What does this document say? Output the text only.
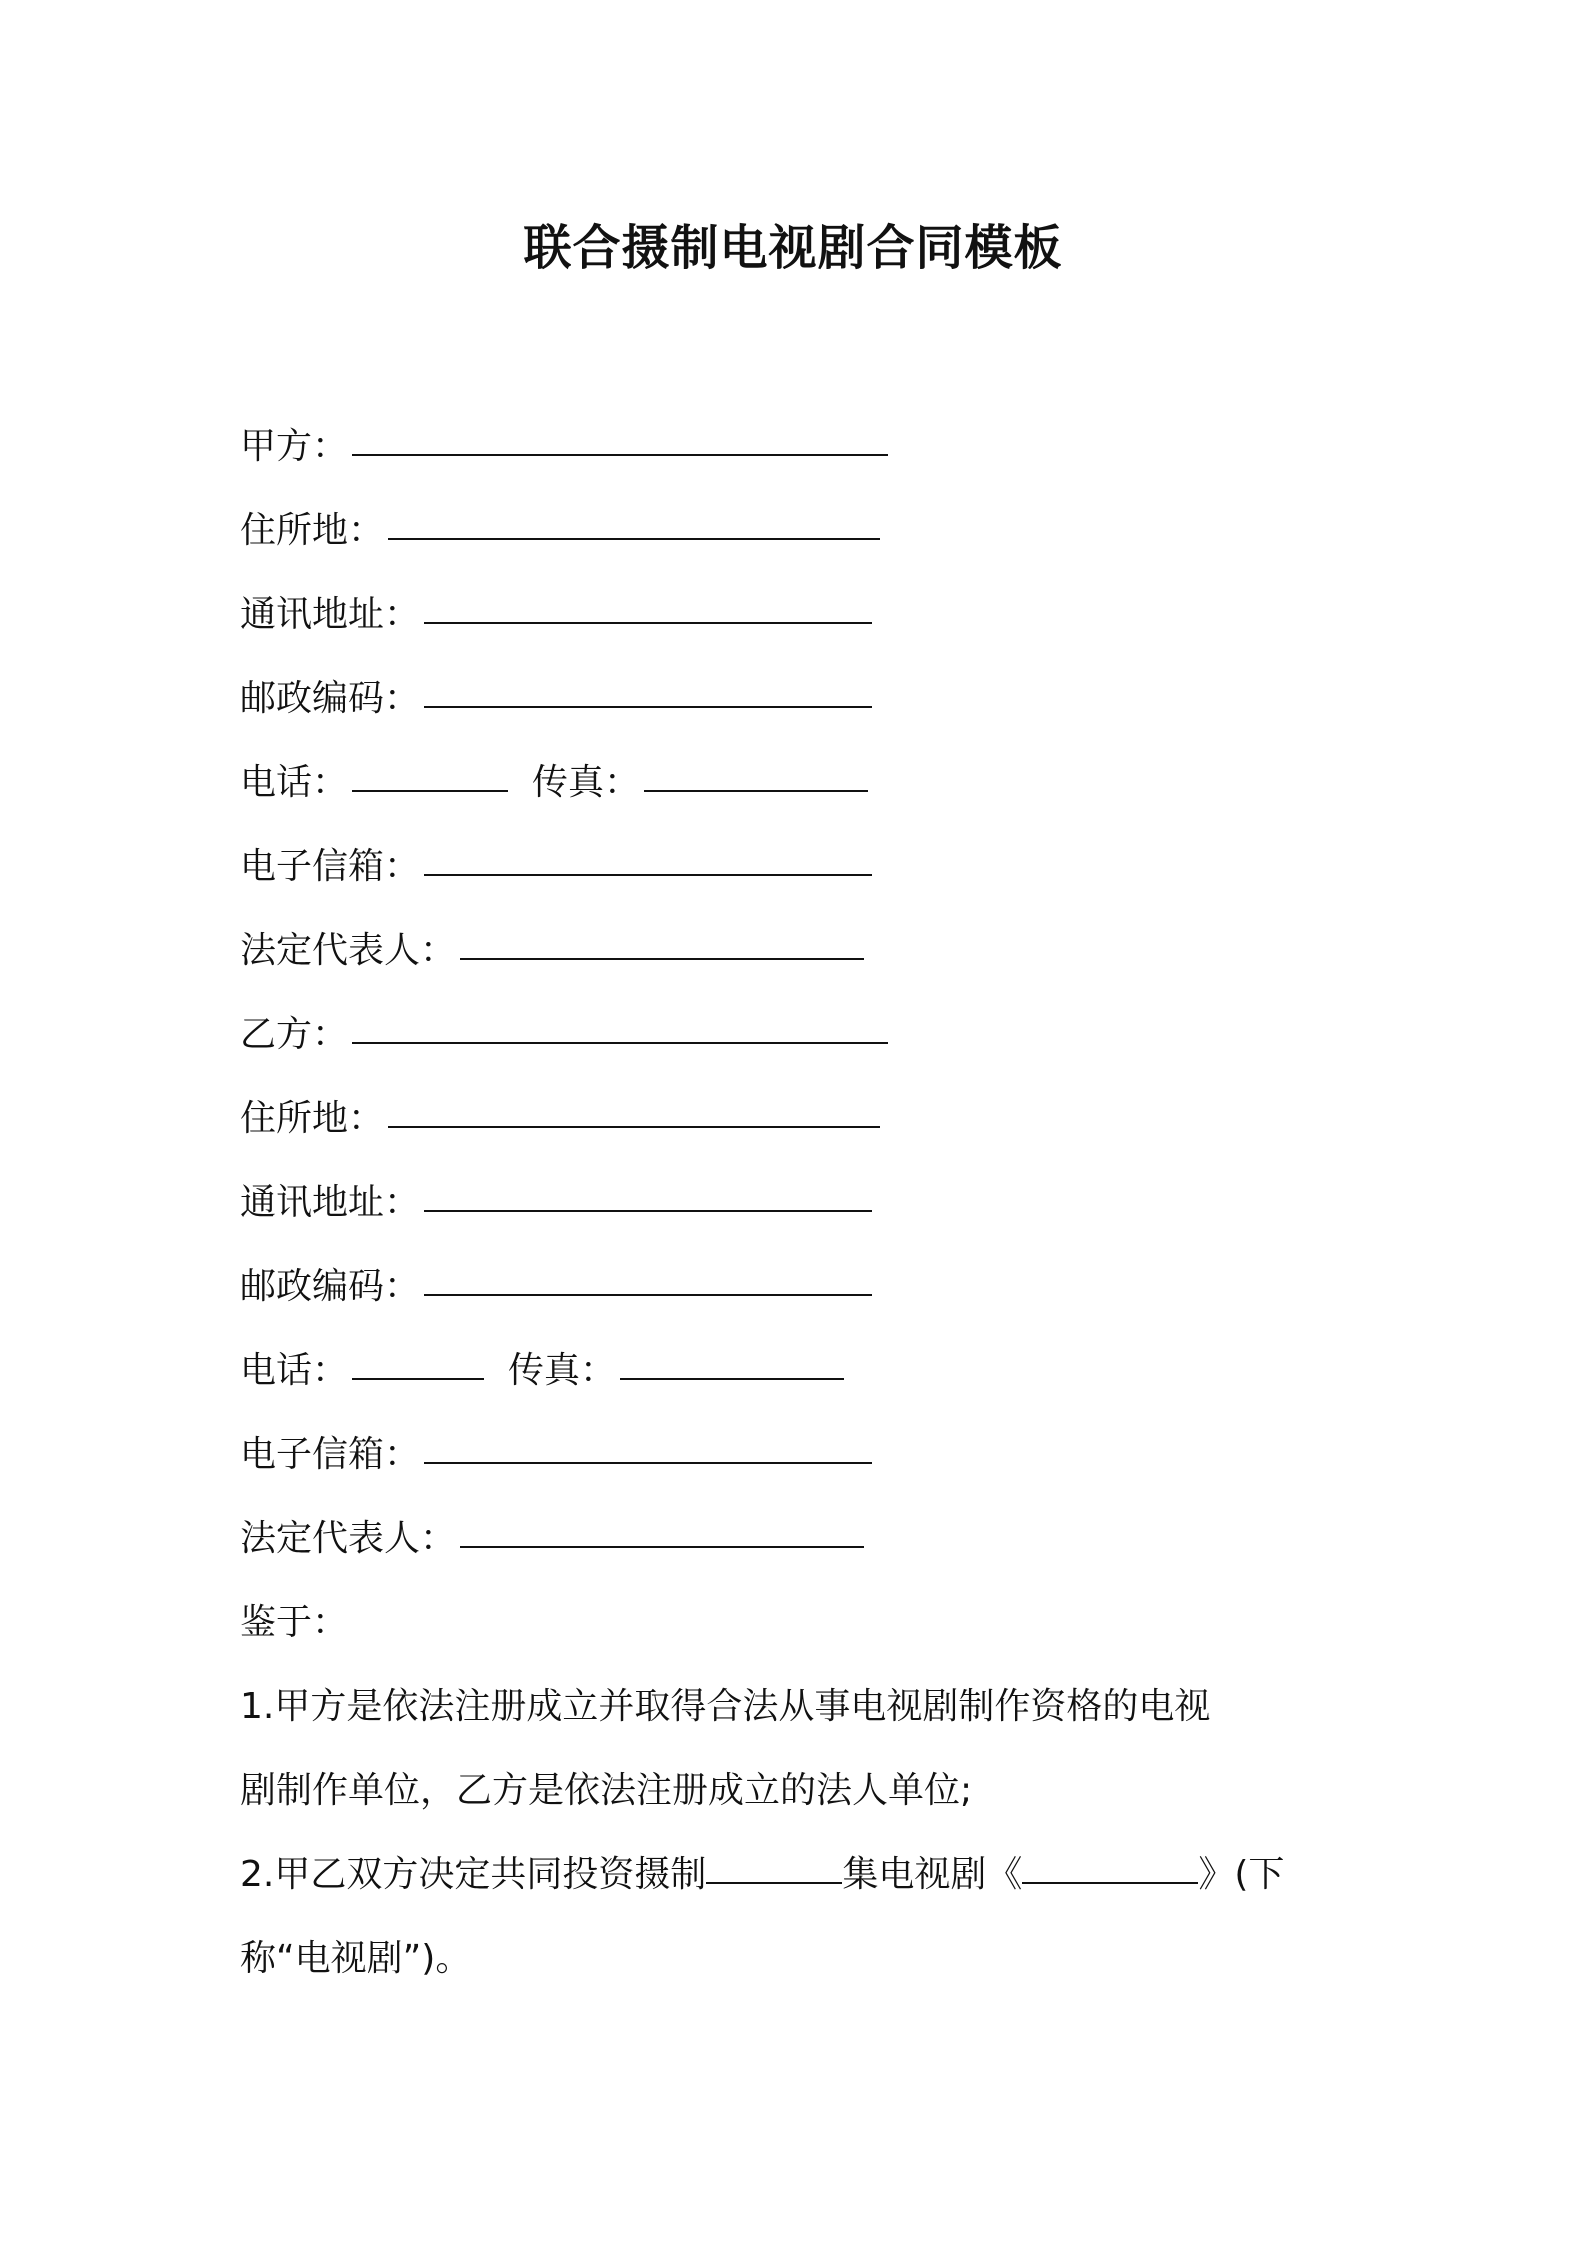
联合摄制电视剧合同模板
甲方：
住所地：
通讯地址：
邮政编码：
电话：	传真：
电子信箱：
法定代表人：
乙方：
住所地：
通讯地址：
邮政编码：
电话：	传真：
电子信箱：
法定代表人：
鉴于：
1.甲方是依法注册成立并取得合法从事电视剧制作资格的电视
剧制作单位，乙方是依法注册成立的法人单位;
2.甲乙双方决定共同投资摄制	集电视剧《	》(下
称“电视剧”)。
